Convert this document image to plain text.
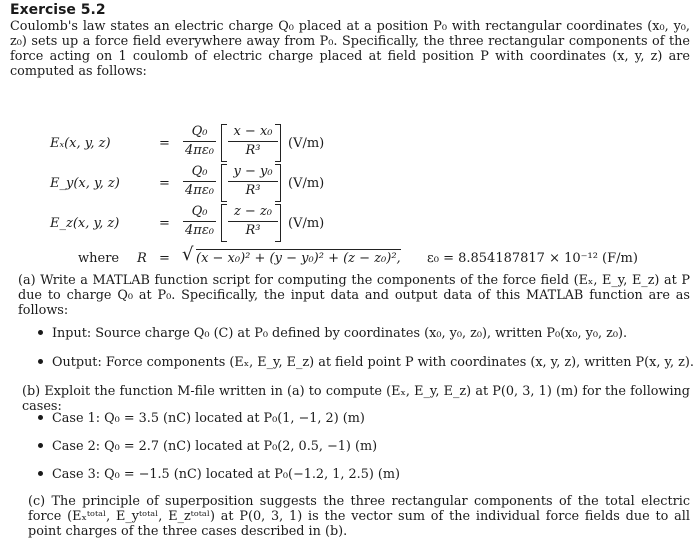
Exercise 5.2
Coulomb's law states an electric charge Q₀ placed at a position P₀ with rectangular coordinates (x₀, y₀, z₀) sets up a force field everywhere away from P₀. Specifically, the three rectangular components of the force acting on 1 coulomb of electric charge placed at field position P with coordinates (x, y, z) are computed as follows:
Eₓ(x, y, z)	=
Q₀
4πε₀
x − x₀
R³ (V/m)
E_y(x, y, z)	=
Q₀
4πε₀
y − y₀
R³ (V/m)
E_z(x, y, z)	=
Q₀
4πε₀
z − z₀
R³ (V/m)
where R = √ (x − x₀)² + (y − y₀)² + (z − z₀)², ε₀ = 8.854187817 × 10⁻¹² (F/m)
(a) Write a MATLAB function script for computing the components of the force field (Eₓ, E_y, E_z) at P due to charge Q₀ at P₀. Specifically, the input data and output data of this MATLAB function are as follows:
Input: Source charge Q₀ (C) at P₀ defined by coordinates (x₀, y₀, z₀), written P₀(x₀, y₀, z₀).
Output: Force components (Eₓ, E_y, E_z) at field point P with coordinates (x, y, z), written P(x, y, z).
(b) Exploit the function M-file written in (a) to compute (Eₓ, E_y, E_z) at P(0, 3, 1) (m) for the following cases:
Case 1: Q₀ = 3.5 (nC) located at P₀(1, −1, 2) (m)
Case 2: Q₀ = 2.7 (nC) located at P₀(2, 0.5, −1) (m)
Case 3: Q₀ = −1.5 (nC) located at P₀(−1.2, 1, 2.5) (m)
(c) The principle of superposition suggests the three rectangular components of the total electric force (Eₓᵗᵒᵗᵃˡ, E_yᵗᵒᵗᵃˡ, E_zᵗᵒᵗᵃˡ) at P(0, 3, 1) is the vector sum of the individual force fields due to all point charges of the three cases described in (b).
